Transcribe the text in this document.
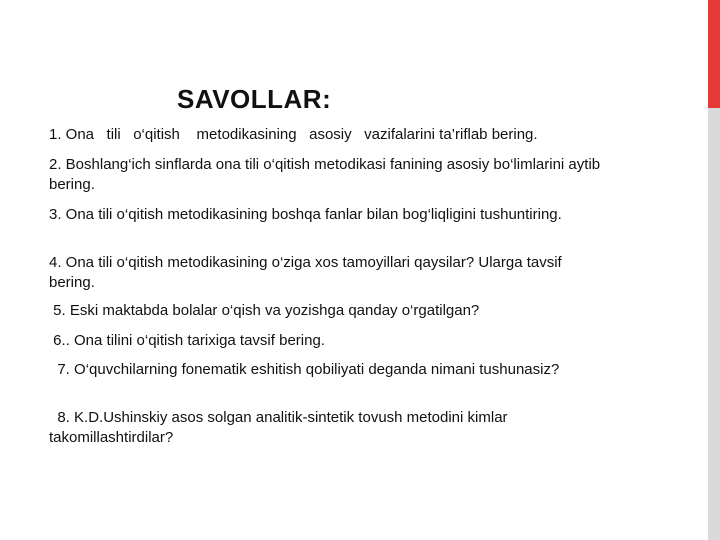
SAVOLLAR:
1. Ona   tili   o‘qitish    metodikasining   asosiy   vazifalarini ta’riflab bering.
2. Boshlang‘ich sinflarda ona tili o‘qitish metodikasi fanining asosiy bo‘limlarini aytib bering.
3. Ona tili o‘qitish metodikasining boshqa fanlar bilan bog‘liqligini tushuntiring.
4. Ona tili o‘qitish metodikasining o‘ziga xos tamoyillari qaysilar? Ularga tavsif bering.
5. Eski maktabda bolalar o‘qish va yozishga qanday o‘rgatilgan?
6.. Ona tilini o‘qitish tarixiga tavsif bering.
7. O‘quvchilarning fonematik eshitish qobiliyati deganda nimani tushunasiz?
8. K.D.Ushinskiy asos solgan analitik-sintetik tovush metodini kimlar takomillashtirdilar?
